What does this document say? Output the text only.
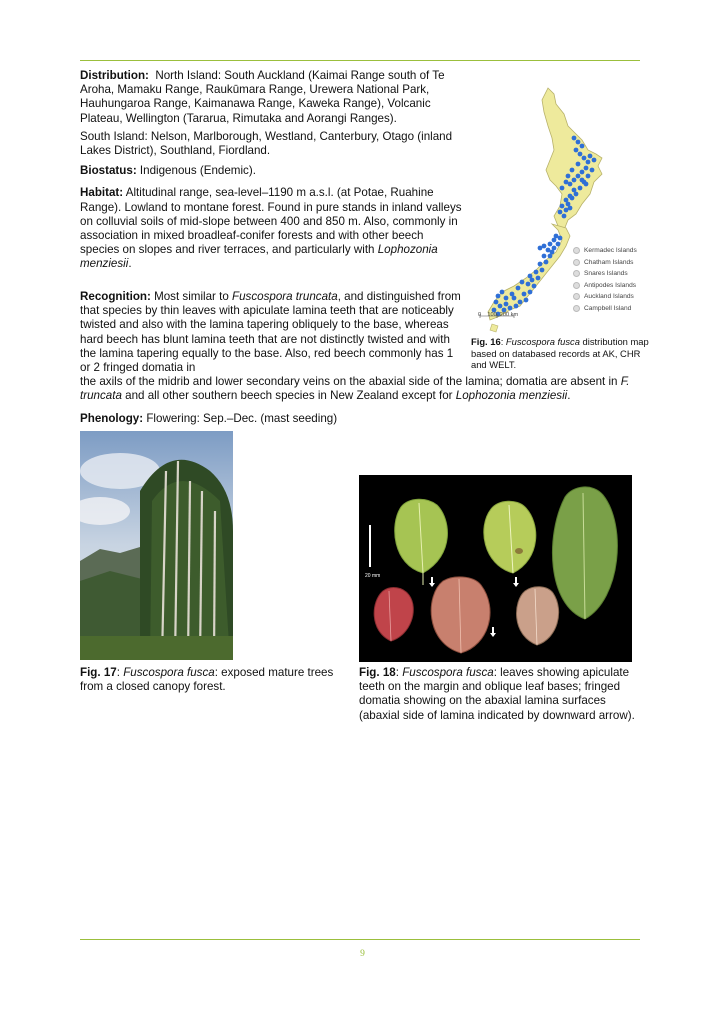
Distribution: North Island: South Auckland (Kaimai Range south of Te Aroha, Mamaku Range, Raukūmara Range, Urewera National Park, Hauhungaroa Range, Kaimanawa Range, Kaweka Range), Volcanic Plateau, Wellington (Tararua, Rimutaka and Aorangi Ranges).

South Island: Nelson, Marlborough, Westland, Canterbury, Otago (inland Lakes District), Southland, Fiordland.

Biostatus: Indigenous (Endemic).

Habitat: Altitudinal range, sea-level–1190 m a.s.l. (at Potae, Ruahine Range). Lowland to montane forest. Found in pure stands in inland valleys on colluvial soils of mid-slope between 400 and 850 m. Also, commonly in association in mixed broadleaf-conifer forests and with other beech species on slopes and river terraces, and particularly with Lophozonia menziesii.

Recognition: Most similar to Fuscospora truncata, and distinguished from that species by thin leaves with apiculate lamina teeth that are noticeably twisted and also with the lamina tapering obliquely to the base, whereas hard beech has blunt lamina teeth that are not distinctly twisted and with the lamina tapering equally to the base. Also, red beech commonly has 1 or 2 fringed domatia in

the axils of the midrib and lower secondary veins on the abaxial side of the lamina; domatia are absent in F. truncata and all other southern beech species in New Zealand except for Lophozonia menziesii.

Phenology: Flowering: Sep.–Dec. (mast seeding)

Kermadec Islands
Chatham Islands
Snares Islands
Antipodes Islands
Auckland Islands
Campbell Island
0 100 200 km
Fig. 16: Fuscospora fusca distribution map based on databased records at AK, CHR and WELT.
Fig. 17: Fuscospora fusca: exposed mature trees from a closed canopy forest.
20 mm
Fig. 18: Fuscospora fusca: leaves showing apiculate teeth on the margin and oblique leaf bases; fringed domatia showing on the abaxial lamina surfaces (abaxial side of lamina indicated by downward arrow).
9
